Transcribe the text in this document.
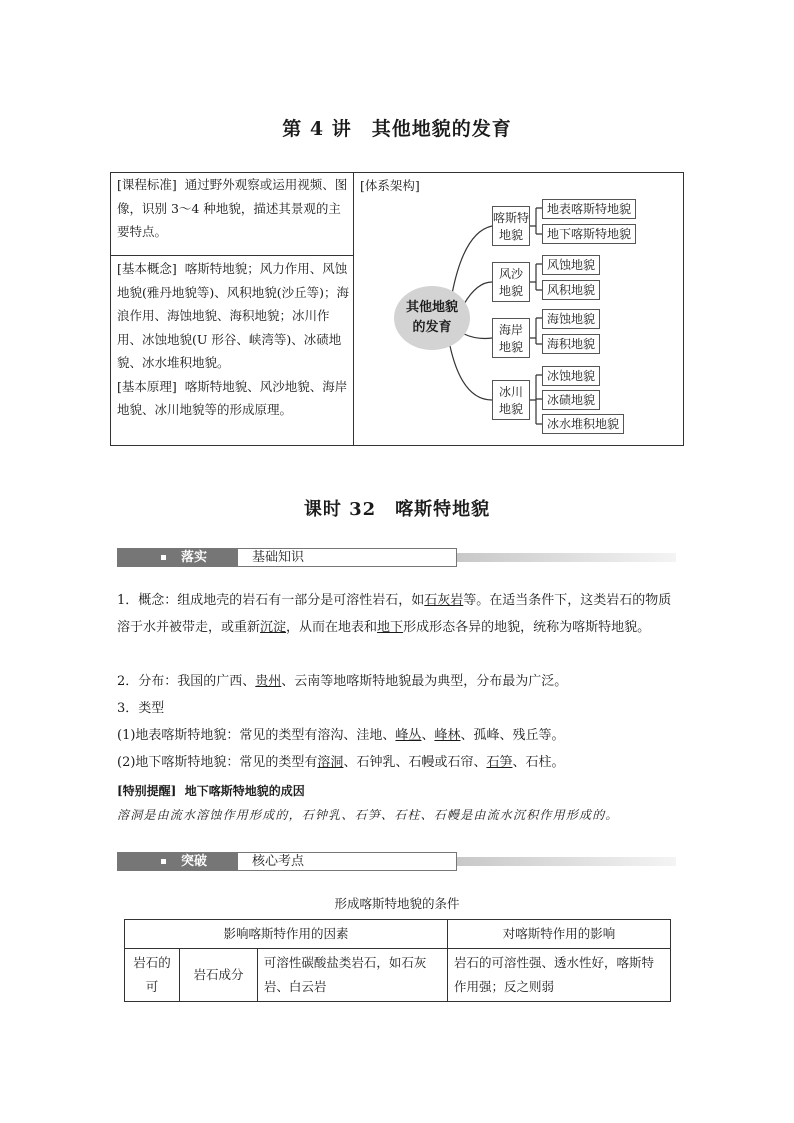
第 4 讲　其他地貌的发育
[课程标准] 通过野外观察或运用视频、图像，识别 3～4 种地貌，描述其景观的主要特点。
[基本概念] 喀斯特地貌；风力作用、风蚀地貌(雅丹地貌等)、风积地貌(沙丘等)；海浪作用、海蚀地貌、海积地貌；冰川作用、冰蚀地貌(U 形谷、峡湾等)、冰碛地貌、冰水堆积地貌。
[基本原理] 喀斯特地貌、风沙地貌、海岸地貌、冰川地貌等的形成原理。
[体系架构]
其他地貌
的发育
喀斯特
地貌
地表喀斯特地貌
地下喀斯特地貌
风沙
地貌
风蚀地貌
风积地貌
海岸
地貌
海蚀地貌
海积地貌
冰川
地貌
冰蚀地貌
冰碛地貌
冰水堆积地貌
课时 32　喀斯特地貌
落实	基础知识
1．概念：组成地壳的岩石有一部分是可溶性岩石，如石灰岩等。在适当条件下，这类岩石的物质溶于水并被带走，或重新沉淀，从而在地表和地下形成形态各异的地貌，统称为喀斯特地貌。
2．分布：我国的广西、贵州、云南等地喀斯特地貌最为典型，分布最为广泛。
3．类型
(1)地表喀斯特地貌：常见的类型有溶沟、洼地、峰丛、峰林、孤峰、残丘等。
(2)地下喀斯特地貌：常见的类型有溶洞、石钟乳、石幔或石帘、石笋、石柱。
[特别提醒] 地下喀斯特地貌的成因
溶洞是由流水溶蚀作用形成的，石钟乳、石笋、石柱、石幔是由流水沉积作用形成的。
突破	核心考点
形成喀斯特地貌的条件
影响喀斯特作用的因素			对喀斯特作用的影响
岩石的可	岩石成分	可溶性碳酸盐类岩石，如石灰岩、白云岩	岩石的可溶性强、透水性好，喀斯特作用强；反之则弱
